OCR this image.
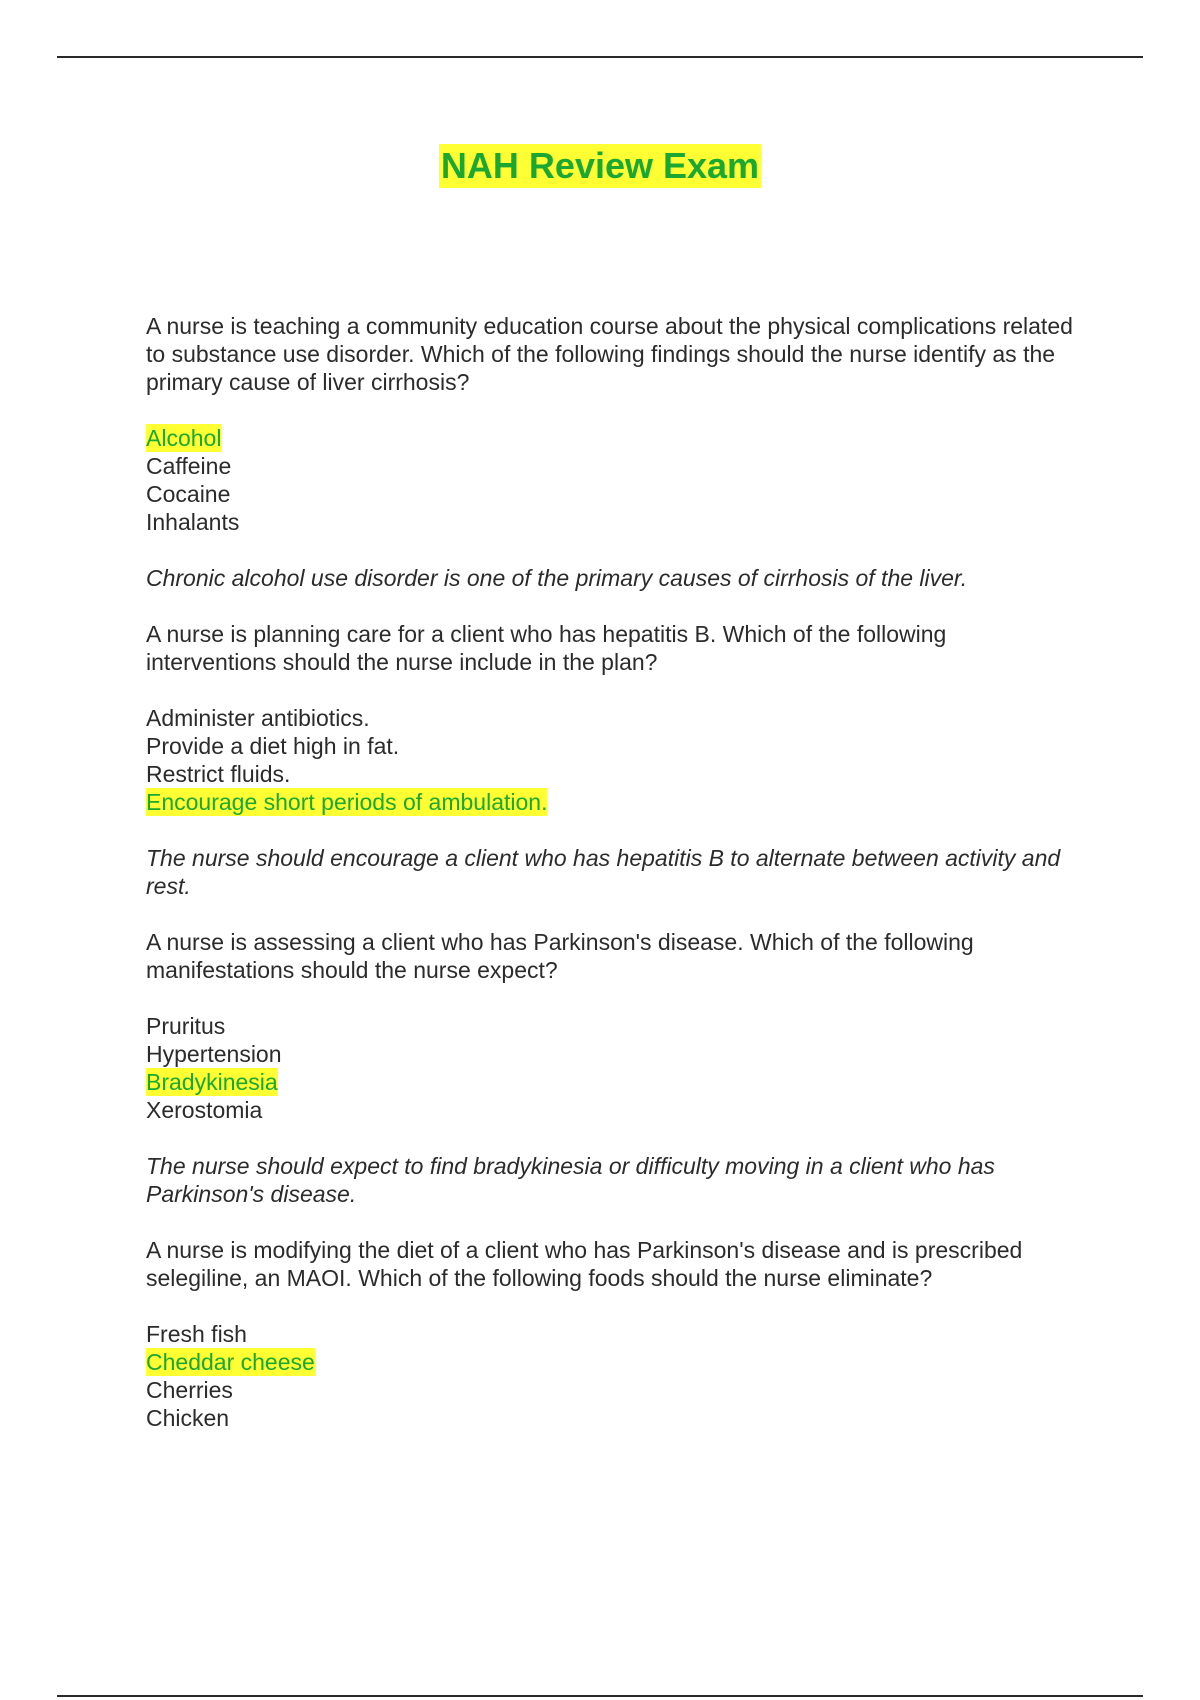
NAH Review Exam

A nurse is teaching a community education course about the physical complications related to substance use disorder. Which of the following findings should the nurse identify as the primary cause of liver cirrhosis?

Alcohol
Caffeine
Cocaine
Inhalants

Chronic alcohol use disorder is one of the primary causes of cirrhosis of the liver.

A nurse is planning care for a client who has hepatitis B. Which of the following interventions should the nurse include in the plan?

Administer antibiotics.
Provide a diet high in fat.
Restrict fluids.
Encourage short periods of ambulation.

The nurse should encourage a client who has hepatitis B to alternate between activity and rest.

A nurse is assessing a client who has Parkinson's disease. Which of the following manifestations should the nurse expect?

Pruritus
Hypertension
Bradykinesia
Xerostomia

The nurse should expect to find bradykinesia or difficulty moving in a client who has Parkinson's disease.

A nurse is modifying the diet of a client who has Parkinson's disease and is prescribed selegiline, an MAOI. Which of the following foods should the nurse eliminate?

Fresh fish
Cheddar cheese
Cherries
Chicken
